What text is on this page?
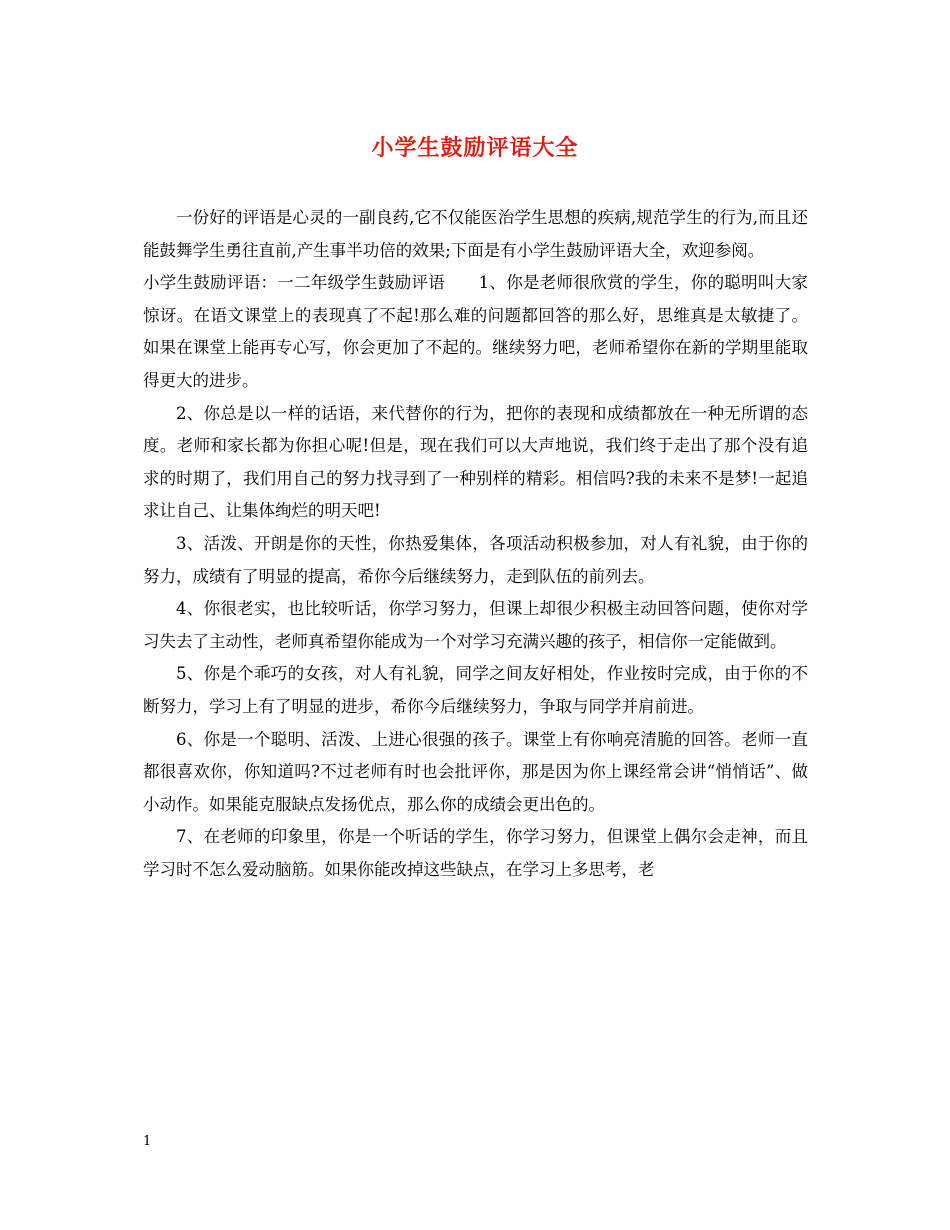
小学生鼓励评语大全

一份好的评语是心灵的一副良药,它不仅能医治学生思想的疾病,规范学生的行为,而且还能鼓舞学生勇往直前,产生事半功倍的效果;下面是有小学生鼓励评语大全，欢迎参阅。

小学生鼓励评语：一二年级学生鼓励评语　　1、你是老师很欣赏的学生，你的聪明叫大家惊讶。在语文课堂上的表现真了不起!那么难的问题都回答的那么好，思维真是太敏捷了。如果在课堂上能再专心写，你会更加了不起的。继续努力吧，老师希望你在新的学期里能取得更大的进步。

2、你总是以一样的话语，来代替你的行为，把你的表现和成绩都放在一种无所谓的态度。老师和家长都为你担心呢!但是，现在我们可以大声地说，我们终于走出了那个没有追求的时期了，我们用自己的努力找寻到了一种别样的精彩。相信吗?我的未来不是梦!一起追求让自己、让集体绚烂的明天吧!

3、活泼、开朗是你的天性，你热爱集体，各项活动积极参加，对人有礼貌，由于你的努力，成绩有了明显的提高，希你今后继续努力，走到队伍的前列去。

4、你很老实，也比较听话，你学习努力，但课上却很少积极主动回答问题，使你对学习失去了主动性，老师真希望你能成为一个对学习充满兴趣的孩子，相信你一定能做到。

5、你是个乖巧的女孩，对人有礼貌，同学之间友好相处，作业按时完成，由于你的不断努力，学习上有了明显的进步，希你今后继续努力，争取与同学并肩前进。

6、你是一个聪明、活泼、上进心很强的孩子。课堂上有你响亮清脆的回答。老师一直都很喜欢你，你知道吗?不过老师有时也会批评你，那是因为你上课经常会讲“悄悄话”、做小动作。如果能克服缺点发扬优点，那么你的成绩会更出色的。

7、在老师的印象里，你是一个听话的学生，你学习努力，但课堂上偶尔会走神，而且学习时不怎么爱动脑筋。如果你能改掉这些缺点，在学习上多思考，老

1
